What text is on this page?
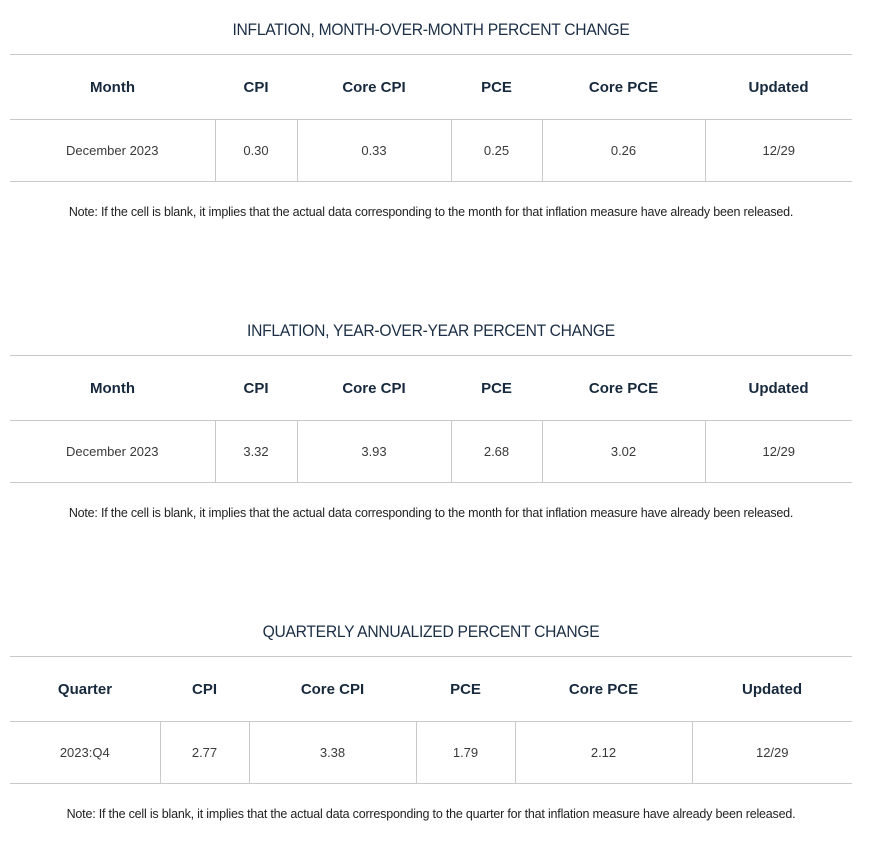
INFLATION, MONTH-OVER-MONTH PERCENT CHANGE
Month	CPI	Core CPI	PCE	Core PCE	Updated
December 2023	0.30	0.33	0.25	0.26	12/29
Note: If the cell is blank, it implies that the actual data corresponding to the month for that inflation measure have already been released.
INFLATION, YEAR-OVER-YEAR PERCENT CHANGE
Month	CPI	Core CPI	PCE	Core PCE	Updated
December 2023	3.32	3.93	2.68	3.02	12/29
Note: If the cell is blank, it implies that the actual data corresponding to the month for that inflation measure have already been released.
QUARTERLY ANNUALIZED PERCENT CHANGE
Quarter	CPI	Core CPI	PCE	Core PCE	Updated
2023:Q4	2.77	3.38	1.79	2.12	12/29
Note: If the cell is blank, it implies that the actual data corresponding to the quarter for that inflation measure have already been released.
